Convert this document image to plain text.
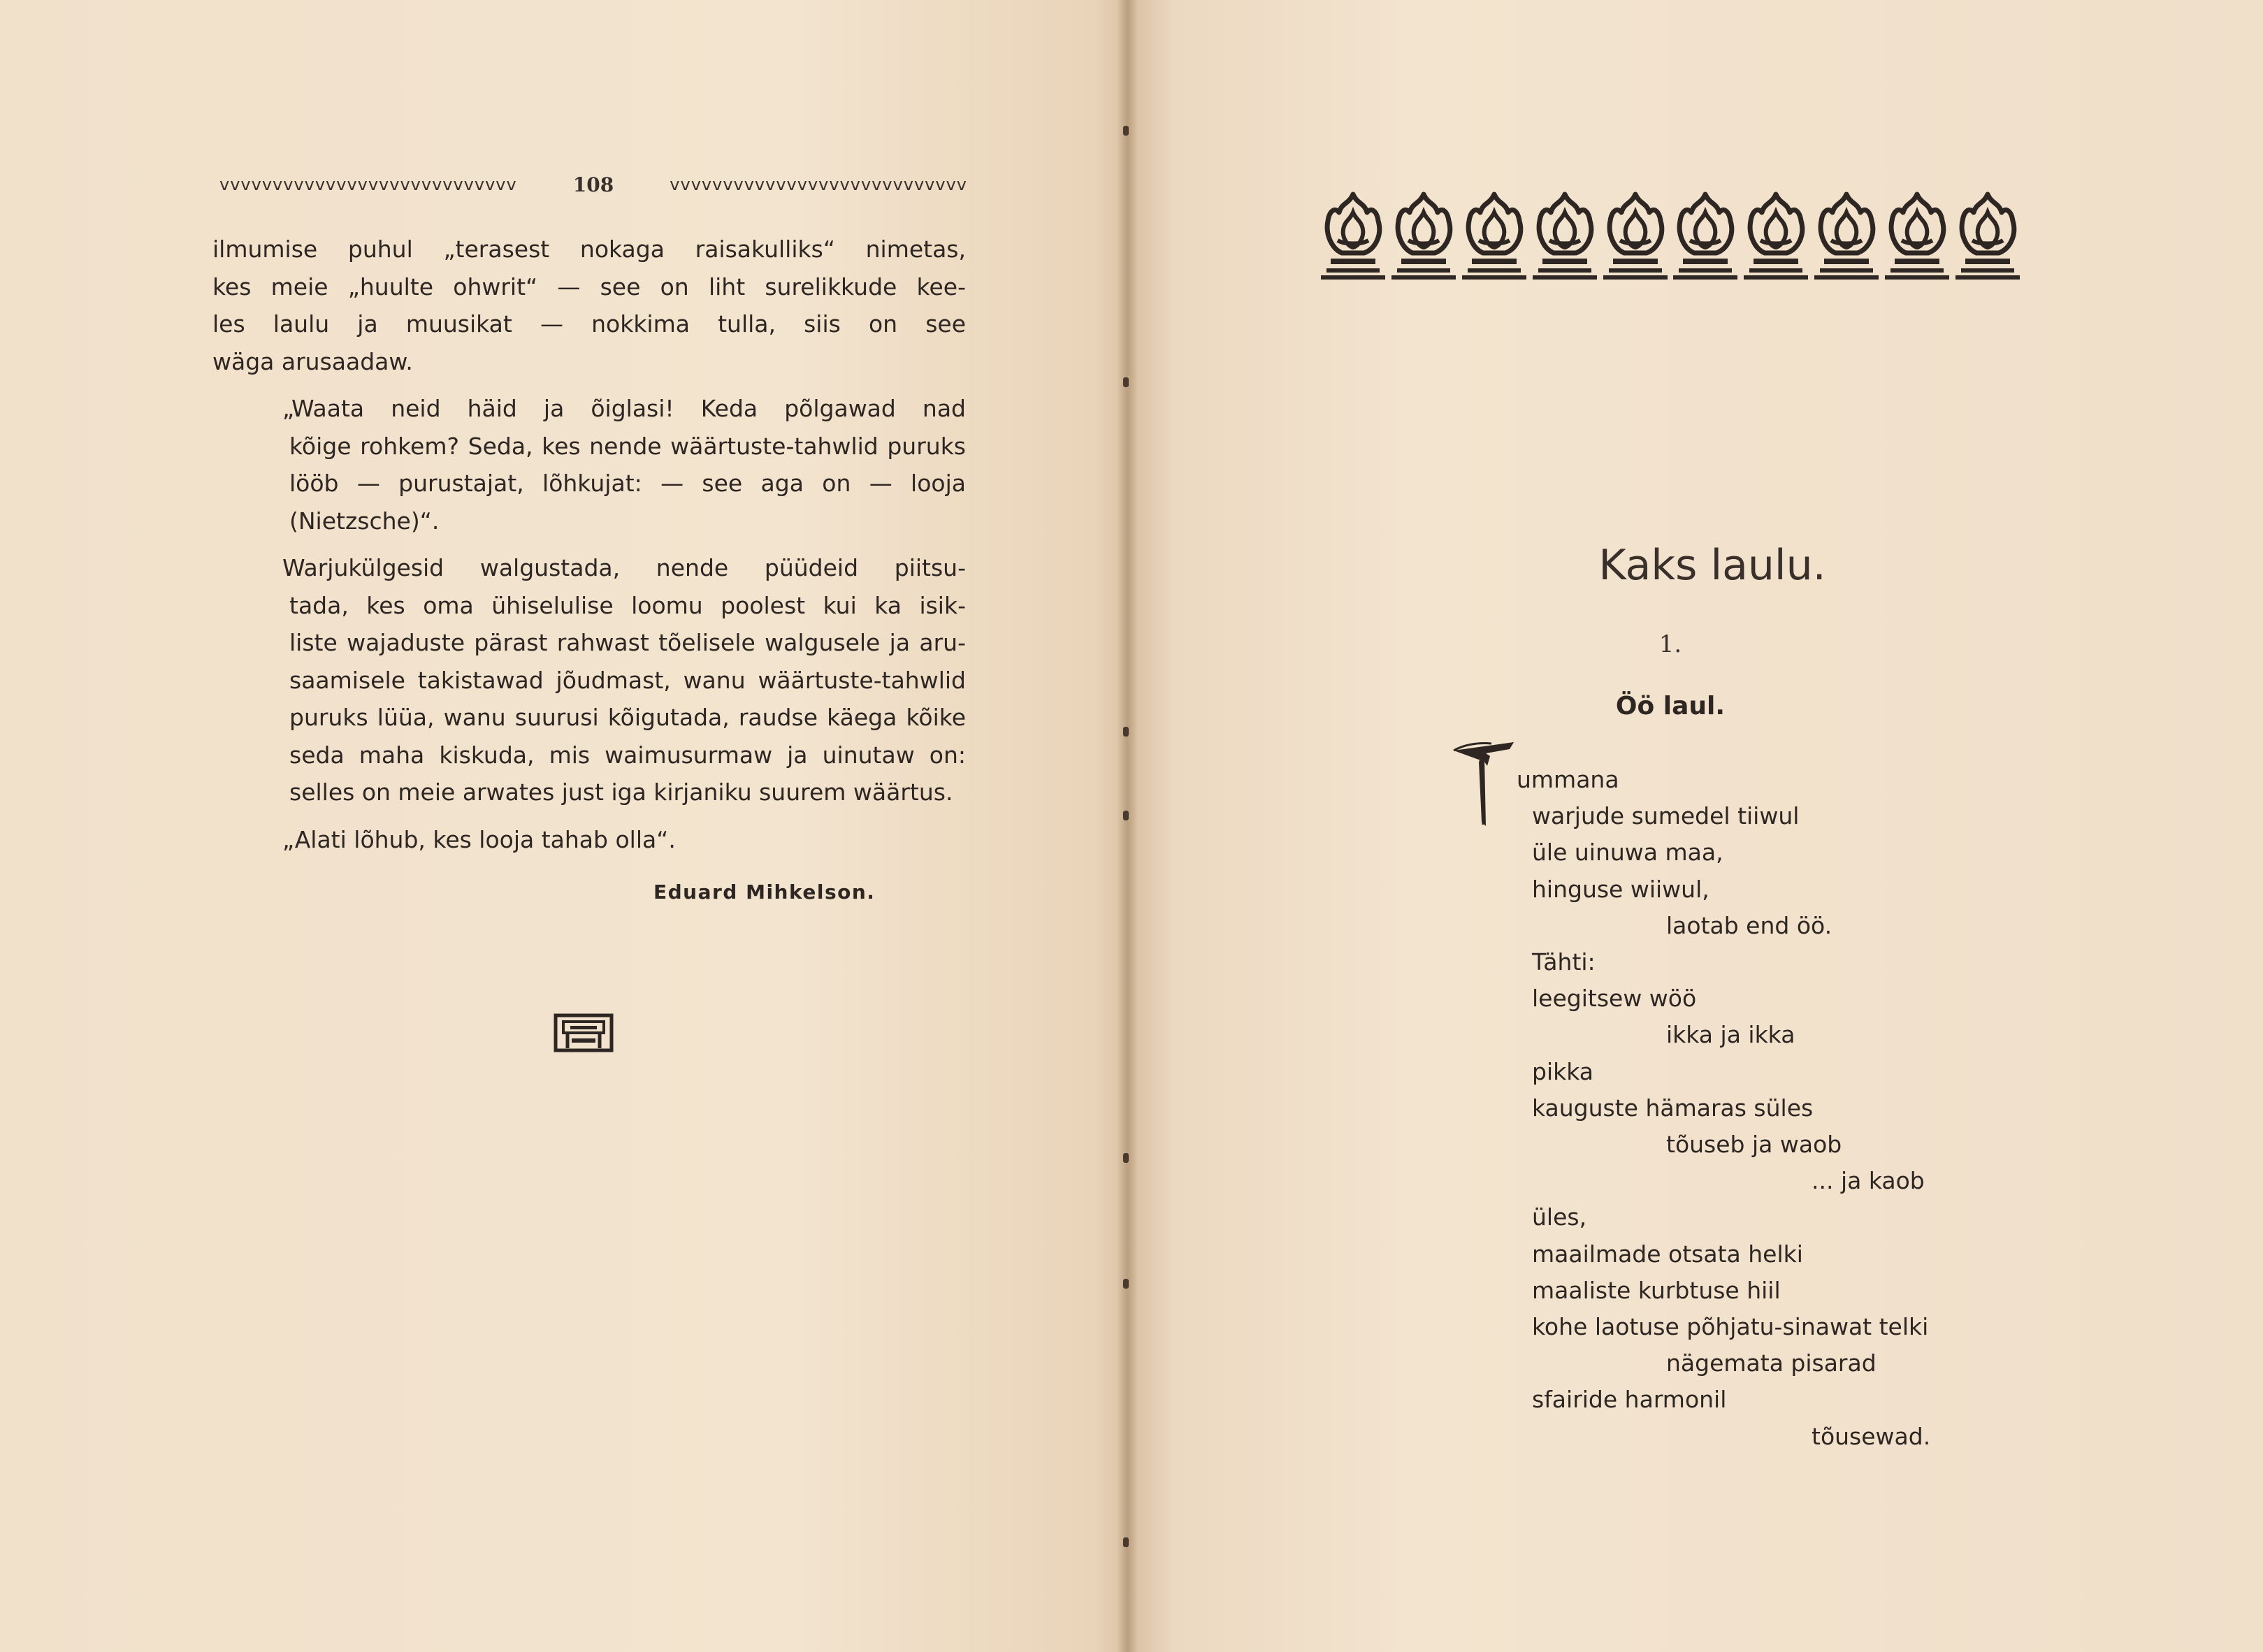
vvvvvvvvvvvvvvvvvvvvvvvvvvvv	108	vvvvvvvvvvvvvvvvvvvvvvvvvvvv

ilmumise puhul „terasest nokaga raisakulliks“ nimetas,
kes meie „huulte ohwrit“ — see on liht surelikkude kee-
les laulu ja muusikat — nokkima tulla, siis on see
wäga arusaadaw.

„Waata neid häid ja õiglasi! Keda põlgawad nad
kõige rohkem? Seda, kes nende wäärtuste-tahwlid puruks
lööb — purustajat, lõhkujat: — see aga on — looja
(Nietzsche)“.

Warjukülgesid walgustada, nende püüdeid piitsu-
tada, kes oma ühiselulise loomu poolest kui ka isik-
liste wajaduste pärast rahwast tõelisele walgusele ja aru-
saamisele takistawad jõudmast, wanu wäärtuste-tahwlid
puruks lüüa, wanu suurusi kõigutada, raudse käega kõike
seda maha kiskuda, mis waimusurmaw ja uinutaw on:
selles on meie arwates just iga kirjaniku suurem wäärtus.

„Alati lõhub, kes looja tahab olla“.

Eduard Mihkelson.
Kaks laulu.
1.
Öö laul.
ummana
warjude sumedel tiiwul
üle uinuwa maa,
hinguse wiiwul,
laotab end öö.
Tähti:
leegitsew wöö
ikka ja ikka
pikka
kauguste hämaras süles
tõuseb ja waob
... ja kaob
üles,
maailmade otsata helki
maaliste kurbtuse hiil
kohe laotuse põhjatu-sinawat telki
nägemata pisarad
sfairide harmonil
tõusewad.
